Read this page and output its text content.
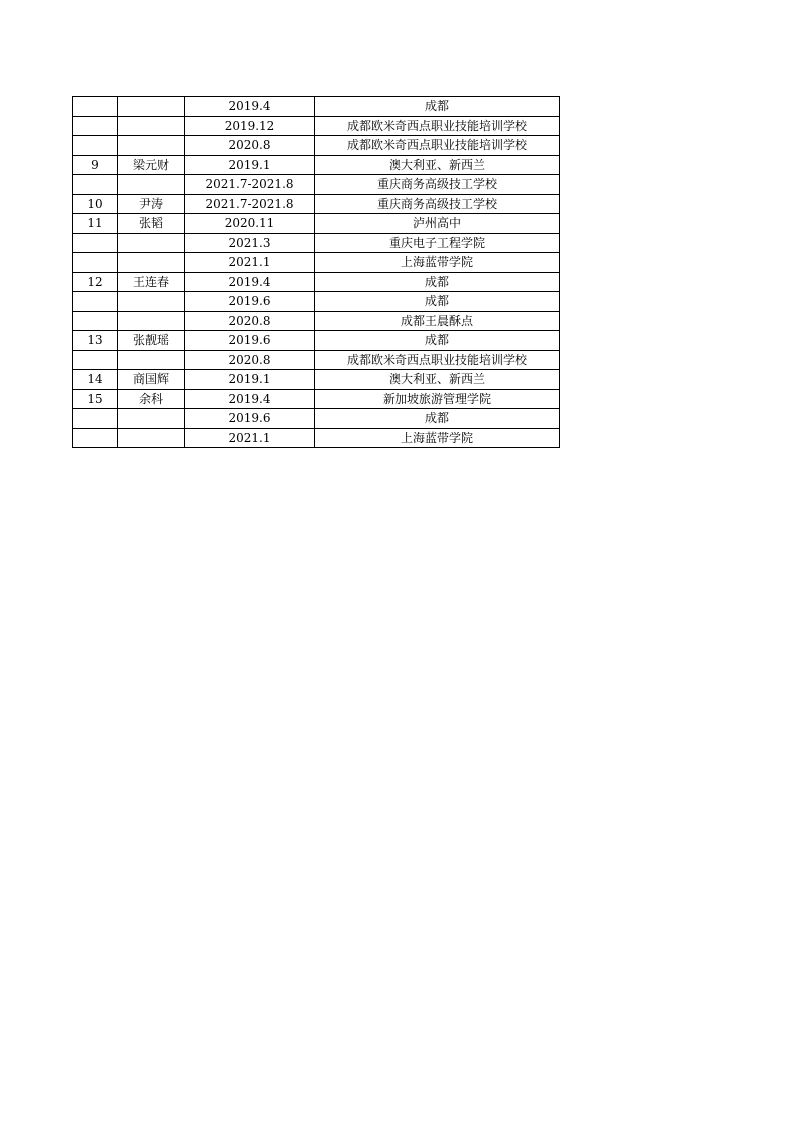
		2019.4	成都
		2019.12	成都欧米奇西点职业技能培训学校
		2020.8	成都欧米奇西点职业技能培训学校
9	梁元财	2019.1	澳大利亚、新西兰
		2021.7-2021.8	重庆商务高级技工学校
10	尹涛	2021.7-2021.8	重庆商务高级技工学校
11	张韬	2020.11	泸州高中
		2021.3	重庆电子工程学院
		2021.1	上海蓝带学院
12	王连春	2019.4	成都
		2019.6	成都
		2020.8	成都王晨酥点
13	张靓瑶	2019.6	成都
		2020.8	成都欧米奇西点职业技能培训学校
14	商国辉	2019.1	澳大利亚、新西兰
15	余科	2019.4	新加坡旅游管理学院
		2019.6	成都
		2021.1	上海蓝带学院
